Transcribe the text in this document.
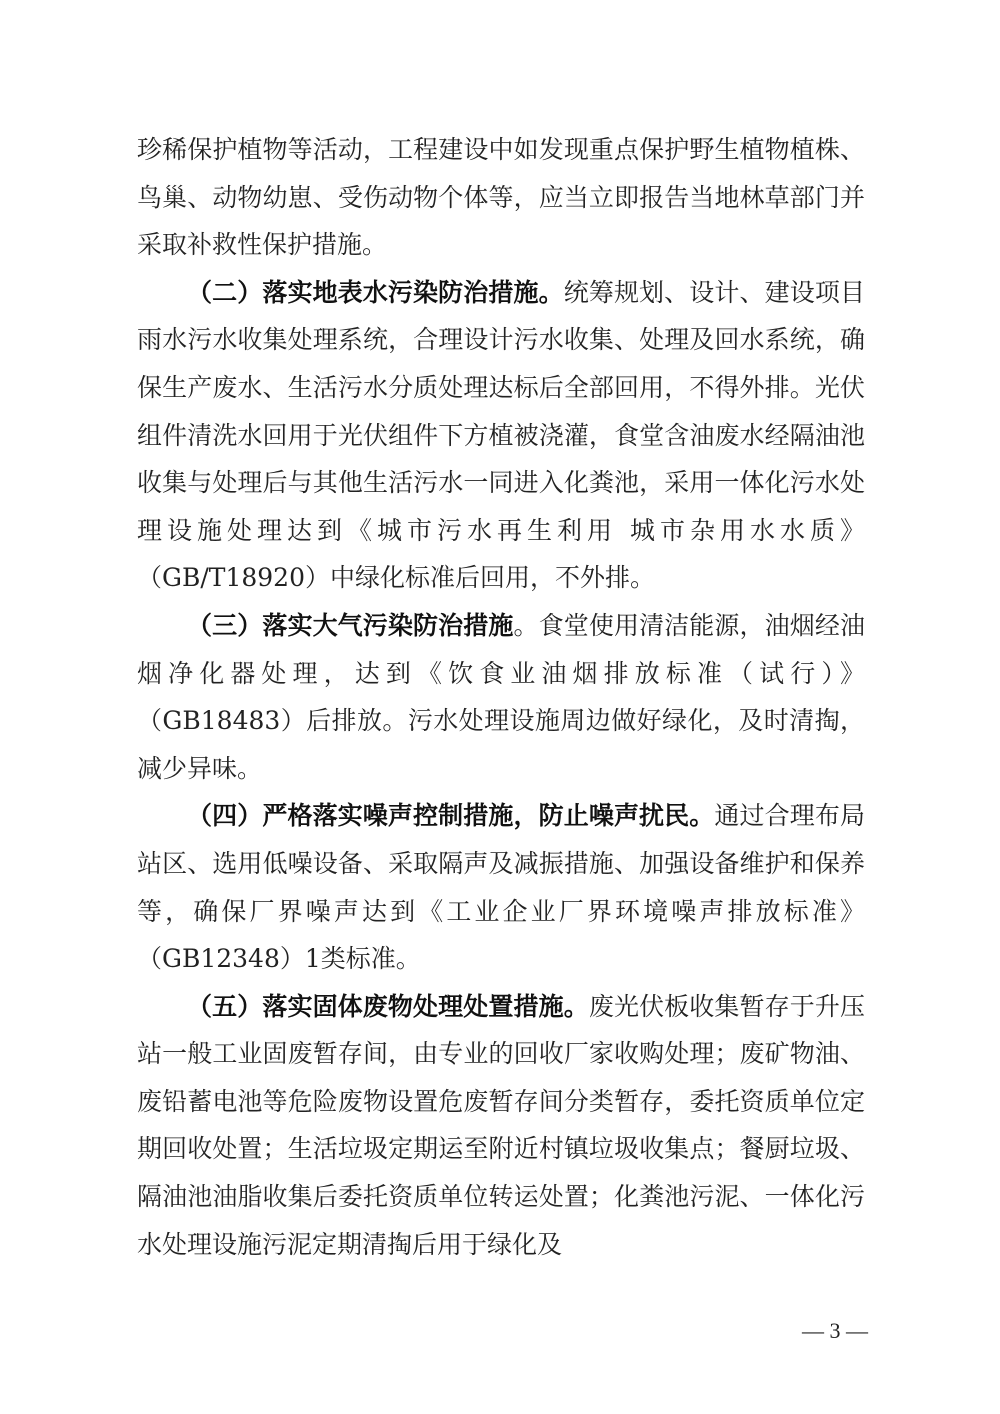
珍稀保护植物等活动，工程建设中如发现重点保护野生植物植株、鸟巢、动物幼崽、受伤动物个体等，应当立即报告当地林草部门并采取补救性保护措施。

（二）落实地表水污染防治措施。统筹规划、设计、建设项目雨水污水收集处理系统，合理设计污水收集、处理及回水系统，确保生产废水、生活污水分质处理达标后全部回用，不得外排。光伏组件清洗水回用于光伏组件下方植被浇灌，食堂含油废水经隔油池收集与处理后与其他生活污水一同进入化粪池，采用一体化污水处理设施处理达到《城市污水再生利用 城市杂用水水质》（GB/T18920）中绿化标准后回用，不外排。

（三）落实大气污染防治措施。食堂使用清洁能源，油烟经油烟净化器处理，达到《饮食业油烟排放标准（试行）》（GB18483）后排放。污水处理设施周边做好绿化，及时清掏，减少异味。

（四）严格落实噪声控制措施，防止噪声扰民。通过合理布局站区、选用低噪设备、采取隔声及减振措施、加强设备维护和保养等，确保厂界噪声达到《工业企业厂界环境噪声排放标准》（GB12348）1类标准。

（五）落实固体废物处理处置措施。废光伏板收集暂存于升压站一般工业固废暂存间，由专业的回收厂家收购处理；废矿物油、废铅蓄电池等危险废物设置危废暂存间分类暂存，委托资质单位定期回收处置；生活垃圾定期运至附近村镇垃圾收集点；餐厨垃圾、隔油池油脂收集后委托资质单位转运处置；化粪池污泥、一体化污水处理设施污泥定期清掏后用于绿化及

— 3 —
